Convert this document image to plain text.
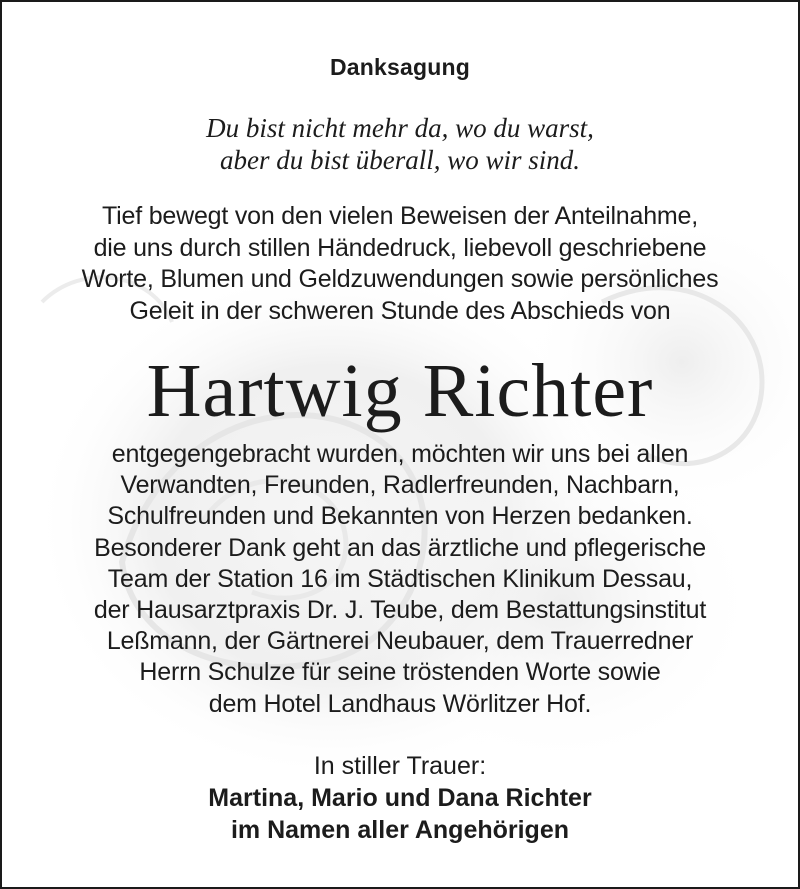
Danksagung
Du bist nicht mehr da, wo du warst,
aber du bist überall, wo wir sind.
Tief bewegt von den vielen Beweisen der Anteilnahme,
die uns durch stillen Händedruck, liebevoll geschriebene
Worte, Blumen und Geldzuwendungen sowie persönliches
Geleit in der schweren Stunde des Abschieds von
Hartwig Richter
entgegengebracht wurden, möchten wir uns bei allen
Verwandten, Freunden, Radlerfreunden, Nachbarn,
Schulfreunden und Bekannten von Herzen bedanken.
Besonderer Dank geht an das ärztliche und pflegerische
Team der Station 16 im Städtischen Klinikum Dessau,
der Hausarztpraxis Dr. J. Teube, dem Bestattungsinstitut
Leßmann, der Gärtnerei Neubauer, dem Trauerredner
Herrn Schulze für seine tröstenden Worte sowie
dem Hotel Landhaus Wörlitzer Hof.
In stiller Trauer:
Martina, Mario und Dana Richter
im Namen aller Angehörigen
